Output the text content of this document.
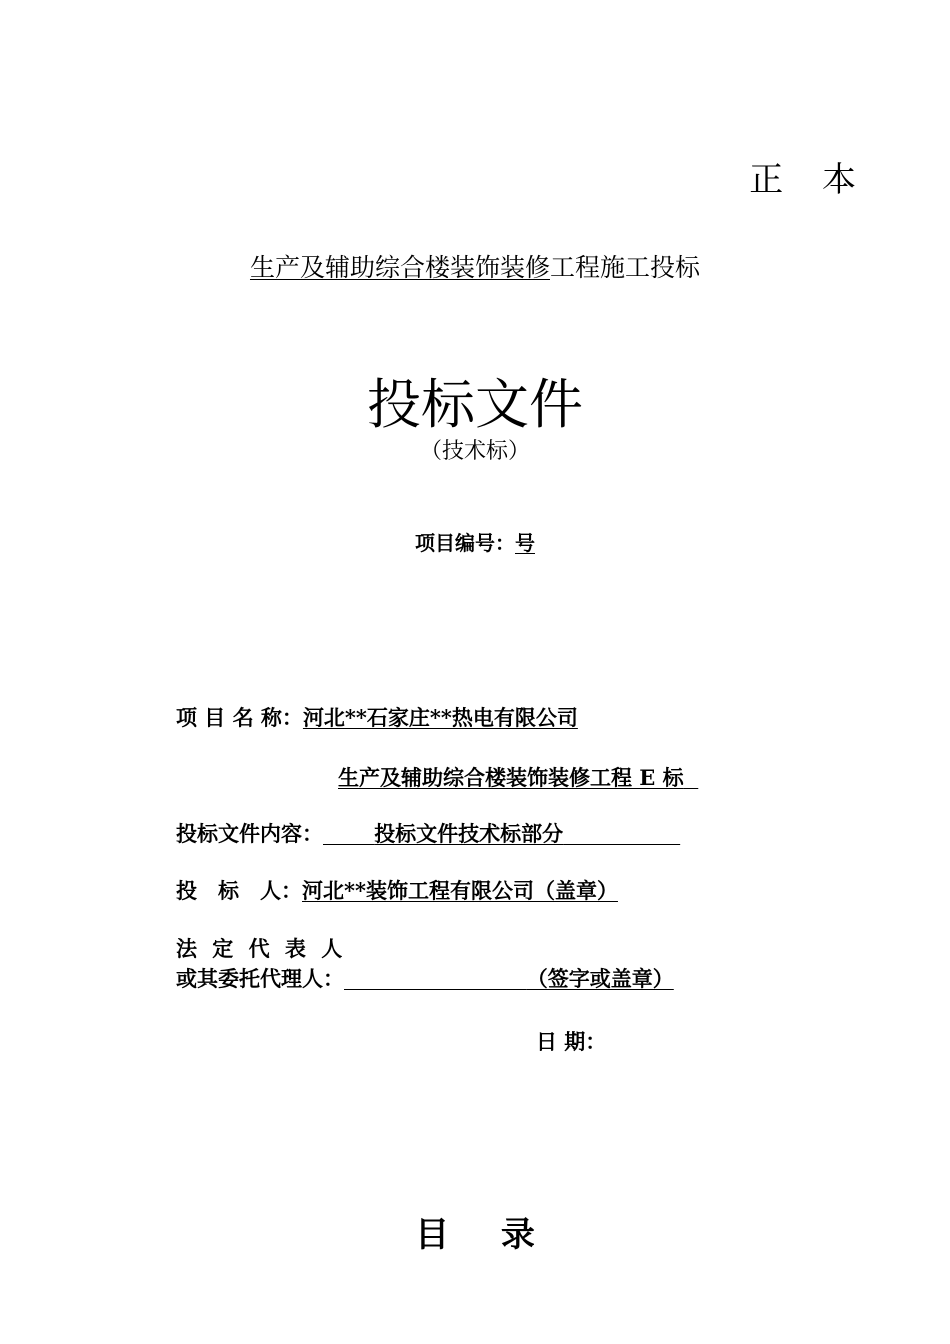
正 本
生产及辅助综合楼装饰装修工程施工投标
投标文件
（技术标）
项目编号：号
项 目 名 称：河北**石家庄**热电有限公司
生产及辅助综合楼装饰装修工程 E 标
投标文件内容： 投标文件技术标部分
投　标　人：河北**装饰工程有限公司（盖章）
法 定 代 表 人
或其委托代理人：	（签字或盖章）
日 期：
目 录
